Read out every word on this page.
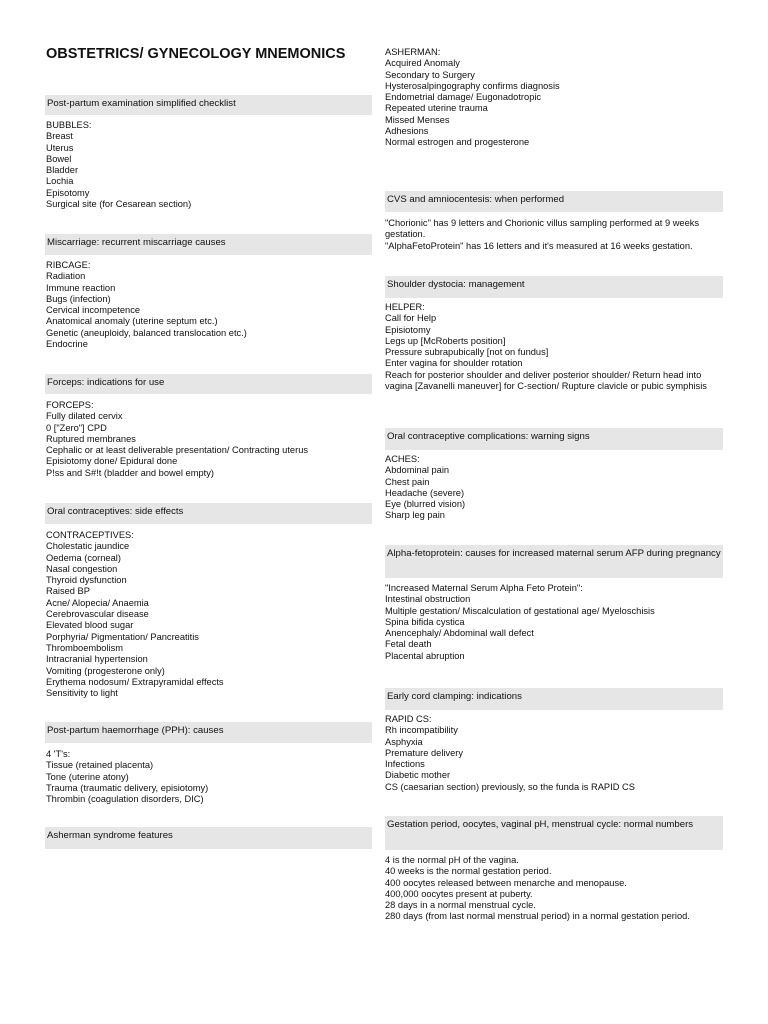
OBSTETRICS/ GYNECOLOGY MNEMONICS
Post-partum examination simplified checklist
BUBBLES:
Breast
Uterus
Bowel
Bladder
Lochia
Episotomy
Surgical site (for Cesarean section)
Miscarriage: recurrent miscarriage causes
RIBCAGE:
Radiation
Immune reaction
Bugs (infection)
Cervical incompetence
Anatomical anomaly (uterine septum etc.)
Genetic (aneuploidy, balanced translocation etc.)
Endocrine
Forceps: indications for use
FORCEPS:
Fully dilated cervix
0 ["Zero"] CPD
Ruptured membranes
Cephalic or at least deliverable presentation/ Contracting uterus
Episiotomy done/ Epidural done
P!ss and S#!t (bladder and bowel empty)
Oral contraceptives: side effects
CONTRACEPTIVES:
Cholestatic jaundice
Oedema (corneal)
Nasal congestion
Thyroid dysfunction
Raised BP
Acne/ Alopecia/ Anaemia
Cerebrovascular disease
Elevated blood sugar
Porphyria/ Pigmentation/ Pancreatitis
Thromboembolism
Intracranial hypertension
Vomiting (progesterone only)
Erythema nodosum/ Extrapyramidal effects
Sensitivity to light
Post-partum haemorrhage (PPH): causes
4 'T's:
Tissue (retained placenta)
Tone (uterine atony)
Trauma (traumatic delivery, episiotomy)
Thrombin (coagulation disorders, DIC)
Asherman syndrome features
ASHERMAN:
Acquired Anomaly
Secondary to Surgery
Hysterosalpingography confirms diagnosis
Endometrial damage/ Eugonadotropic
Repeated uterine trauma
Missed Menses
Adhesions
Normal estrogen and progesterone
CVS and amniocentesis: when performed
"Chorionic" has 9 letters and Chorionic villus sampling performed at 9 weeks gestation.
"AlphaFetoProtein" has 16 letters and it's measured at 16 weeks gestation.
Shoulder dystocia: management
HELPER:
Call for Help
Episiotomy
Legs up [McRoberts position]
Pressure subrapubically [not on fundus]
Enter vagina for shoulder rotation
Reach for posterior shoulder and deliver posterior shoulder/ Return head into vagina [Zavanelli maneuver] for C-section/ Rupture clavicle or pubic symphisis
Oral contraceptive complications: warning signs
ACHES:
Abdominal pain
Chest pain
Headache (severe)
Eye (blurred vision)
Sharp leg pain
Alpha-fetoprotein: causes for increased maternal serum AFP during pregnancy
"Increased Maternal Serum Alpha Feto Protein":
Intestinal obstruction
Multiple gestation/ Miscalculation of gestational age/ Myeloschisis
Spina bifida cystica
Anencephaly/ Abdominal wall defect
Fetal death
Placental abruption
Early cord clamping: indications
RAPID CS:
Rh incompatibility
Asphyxia
Premature delivery
Infections
Diabetic mother
CS (caesarian section) previously, so the funda is RAPID CS
Gestation period, oocytes, vaginal pH, menstrual cycle: normal numbers
4 is the normal pH of the vagina.
40 weeks is the normal gestation period.
400 oocytes released between menarche and menopause.
400,000 oocytes present at puberty.
28 days in a normal menstrual cycle.
280 days (from last normal menstrual period) in a normal gestation period.
